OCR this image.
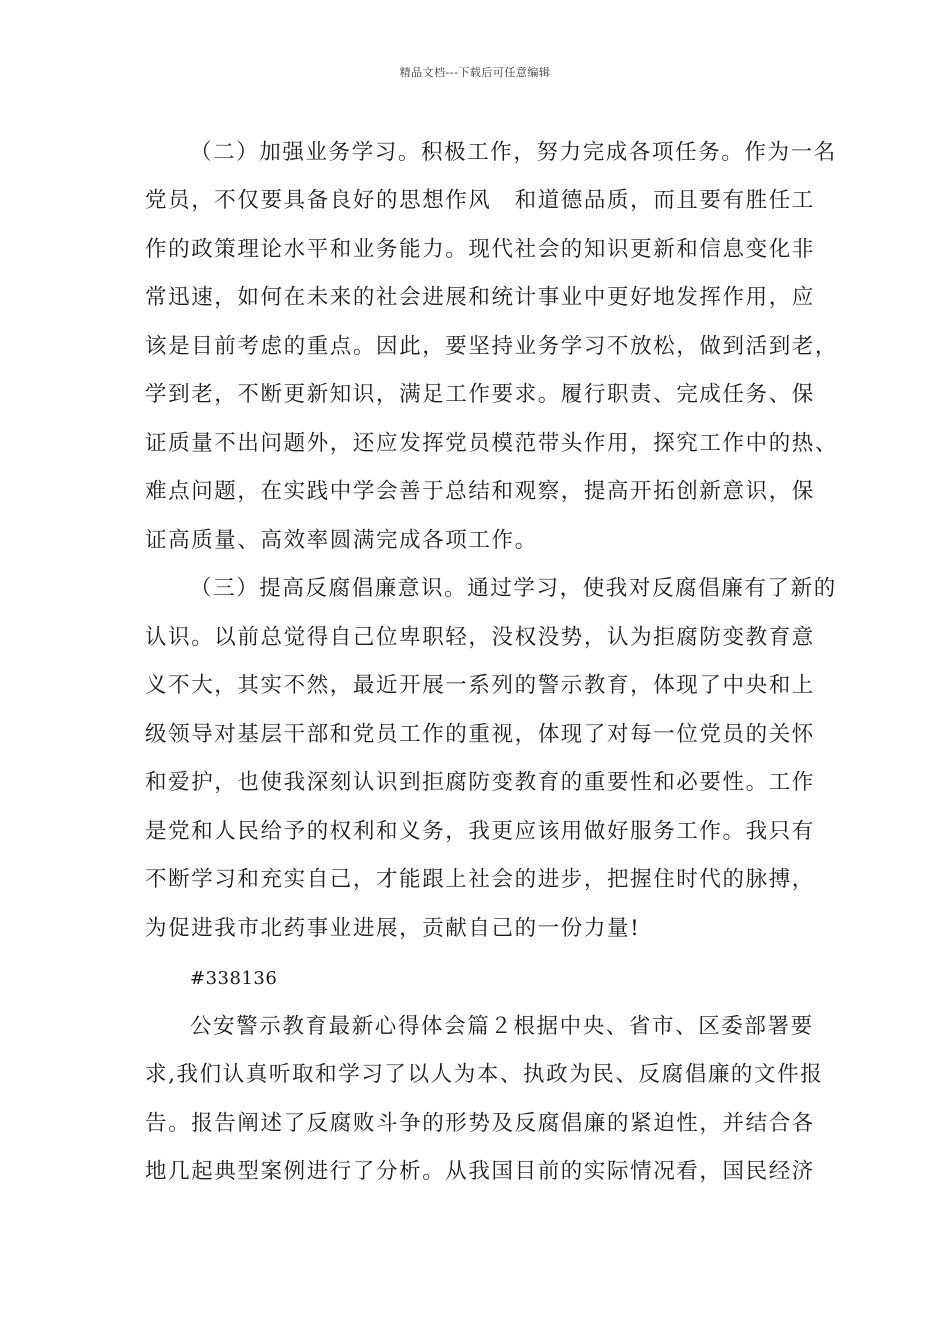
精品文档---下载后可任意编辑
（二）加强业务学习。积极工作，努力完成各项任务。作为一名
党员，不仅要具备良好的思想作风　和道德品质，而且要有胜任工
作的政策理论水平和业务能力。现代社会的知识更新和信息变化非
常迅速，如何在未来的社会进展和统计事业中更好地发挥作用，应
该是目前考虑的重点。因此，要坚持业务学习不放松，做到活到老，
学到老，不断更新知识，满足工作要求。履行职责、完成任务、保
证质量不出问题外，还应发挥党员模范带头作用，探究工作中的热、
难点问题，在实践中学会善于总结和观察，提高开拓创新意识，保
证高质量、高效率圆满完成各项工作。
（三）提高反腐倡廉意识。通过学习，使我对反腐倡廉有了新的
认识。以前总觉得自己位卑职轻，没权没势，认为拒腐防变教育意
义不大，其实不然，最近开展一系列的警示教育，体现了中央和上
级领导对基层干部和党员工作的重视，体现了对每一位党员的关怀
和爱护，也使我深刻认识到拒腐防变教育的重要性和必要性。工作
是党和人民给予的权利和义务，我更应该用做好服务工作。我只有
不断学习和充实自己，才能跟上社会的进步，把握住时代的脉搏，
为促进我市北药事业进展，贡献自己的一份力量!
#338136
公安警示教育最新心得体会篇２根据中央、省市、区委部署要
求,我们认真听取和学习了以人为本、执政为民、反腐倡廉的文件报
告。报告阐述了反腐败斗争的形势及反腐倡廉的紧迫性，并结合各
地几起典型案例进行了分析。从我国目前的实际情况看，国民经济
